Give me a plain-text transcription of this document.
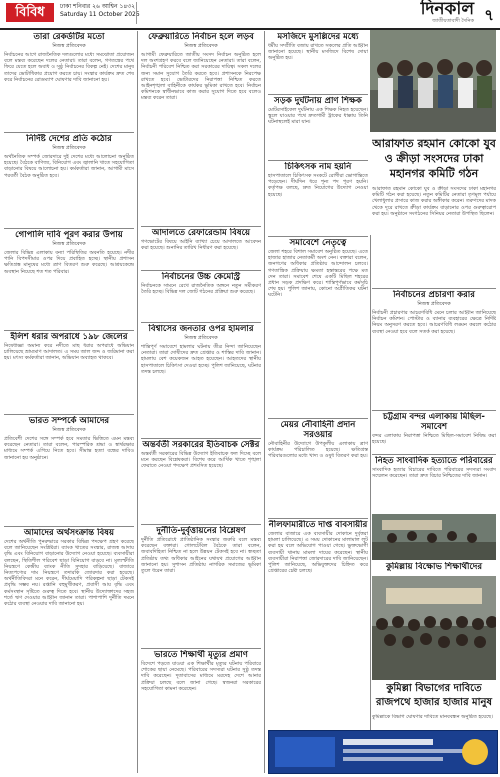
বিবিধ	ঢাকা শনিবার ২৬ আশ্বিন ১৪৩২
Saturday 11 October 2025	দিনকাল
জাতীয়তাবাদী দৈনিক ৭
তারা রেকর্ডটির মতো
নিজস্ব প্রতিবেদক
নির্বাচনের আগে রাজনৈতিক দলগুলোর মধ্যে সমঝোতা প্রয়োজন বলে মন্তব্য করেছেন দলের নেতারা। তারা বলেন, গণতন্ত্রের পথে ফিরে যেতে হলে অবাধ ও সুষ্ঠু নির্বাচনের বিকল্প নেই। দেশের মানুষ তাদের ভোটাধিকার প্রয়োগ করতে চায়। সংস্কার কার্যক্রম দ্রুত শেষ করে নির্বাচনের রোডম্যাপ ঘোষণার দাবি জানানো হয়।
নির্দিষ্ট দেশের প্রতি কঠোর
নিজস্ব প্রতিবেদক
অর্থনৈতিক সম্পর্ক জোরদারে দুই দেশের মধ্যে আলোচনা অনুষ্ঠিত হয়েছে। বৈঠকে বাণিজ্য, বিনিয়োগ এবং জ্বালানি খাতে সহযোগিতা বাড়ানোর বিষয়ে আলোচনা হয়। কর্মকর্তারা জানান, আগামী মাসে পরবর্তী বৈঠক অনুষ্ঠিত হবে।
গোপালি দাবি পূরণ করার উপায়
নিজস্ব প্রতিবেদক
জেলার বিভিন্ন এলাকায় বন্যা পরিস্থিতির অবনতি হয়েছে। নদীর পানি বিপদসীমার ওপর দিয়ে প্রবাহিত হচ্ছে। স্থানীয় প্রশাসন ক্ষতিগ্রস্ত মানুষের মধ্যে ত্রাণ বিতরণ শুরু করেছে। আশ্রয়কেন্দ্রে অবস্থান নিয়েছে শত শত পরিবার।
ইলিশ ধরার অপরাধে ১৯৮ জেলের
নিষেধাজ্ঞা অমান্য করে নদীতে মাছ ধরার অপরাধে অভিযান চালিয়েছে ভ্রাম্যমাণ আদালত। এ সময় জাল জব্দ ও জরিমানা করা হয়। মৎস্য কর্মকর্তারা জানান, অভিযান অব্যাহত থাকবে।
ভারত সম্পর্কে আমাদের
নিজস্ব প্রতিবেদক
প্রতিবেশী দেশের সঙ্গে সম্পর্ক হবে সমতার ভিত্তিতে এমন মন্তব্য করেছেন নেতারা। তারা বলেন, পারস্পরিক শ্রদ্ধা ও স্বার্থরক্ষার মাধ্যমে সম্পর্ক এগিয়ে নিতে হবে। সীমান্ত হত্যা বন্ধের দাবিও জানানো হয় অনুষ্ঠানে।
আমাদের অর্থসংক্রান্ত বিষয়
দেশের অর্থনীতি পুনরুদ্ধারে সরকার বিভিন্ন পদক্ষেপ গ্রহণ করেছে বলে জানিয়েছেন সংশ্লিষ্টরা। ব্যাংক খাতের সংস্কার, রাজস্ব আদায় বৃদ্ধি এবং বিনিয়োগ বাড়ানোর উদ্যোগ নেওয়া হয়েছে। ব্যবসায়ীরা বলছেন, স্থিতিশীল পরিবেশ ছাড়া বিনিয়োগ বাড়বে না। মূল্যস্ফীতি নিয়ন্ত্রণে কেন্দ্রীয় ব্যাংক নীতি সুদহার বাড়িয়েছে। বাজারে নিত্যপণ্যের দাম নিয়ন্ত্রণে তদারকি জোরদার করা হয়েছে। অর্থনীতিবিদরা মনে করেন, দীর্ঘমেয়াদি পরিকল্পনা ছাড়া টেকসই প্রবৃদ্ধি সম্ভব নয়। রপ্তানি বহুমুখীকরণ, প্রবাসী আয় বৃদ্ধি এবং কর্মসংস্থান সৃষ্টিতে গুরুত্ব দিতে হবে। স্থানীয় উদ্যোক্তাদের সহজ শর্তে ঋণ দেওয়ার আহ্বান জানান তারা। পাশাপাশি দুর্নীতি দমনে কঠোর ব্যবস্থা নেওয়ার দাবি জানানো হয়।
ফেব্রুয়ারিতে নির্বাচন হলে লড়ব
নিজস্ব প্রতিবেদক
আগামী ফেব্রুয়ারিতে জাতীয় সংসদ নির্বাচন অনুষ্ঠিত হলে দল অংশগ্রহণ করবে বলে জানিয়েছেন নেতারা। তারা বলেন, নির্বাচনী পরিবেশ নিশ্চিত করা সরকারের দায়িত্ব। সকল দলের জন্য সমান সুযোগ তৈরি করতে হবে। প্রশাসনকে নিরপেক্ষ রাখতে হবে। ভোটারদের নিরাপত্তা নিশ্চিত করতে আইনশৃঙ্খলা বাহিনীকে কার্যকর ভূমিকা রাখতে হবে। নির্বাচন কমিশনকে স্বাধীনভাবে কাজ করার সুযোগ দিতে হবে বলেও মন্তব্য করেন তারা।
আদালতে রেফারেন্ডাম বিষয়ে
গণভোটের বিষয়ে আইনি ব্যাখ্যা চেয়ে আদালতে আবেদন করা হয়েছে। শুনানির তারিখ নির্ধারণ করা হয়েছে।
নির্বাচনের উচ্চ কেমেস্ট্রি
নির্বাচনকে সামনে রেখে রাজনৈতিক অঙ্গনে নতুন সমীকরণ তৈরি হচ্ছে। বিভিন্ন দল জোট গঠনের প্রক্রিয়া শুরু করেছে।
বিশ্বাসের জনতার ওপর হামলার
নিজস্ব প্রতিবেদক
শান্তিপূর্ণ সমাবেশে হামলার ঘটনায় তীব্র নিন্দা জানিয়েছেন নেতারা। তারা দোষীদের দ্রুত গ্রেপ্তার ও শাস্তির দাবি জানান। হামলায় বেশ কয়েকজন আহত হয়েছেন। আহতদের স্থানীয় হাসপাতালে চিকিৎসা দেওয়া হচ্ছে। পুলিশ জানিয়েছে, ঘটনার তদন্ত চলছে।
অন্তর্বর্তী সরকারের ইতিবাচক সেক্টর
অন্তর্বর্তী সরকারের বিভিন্ন উদ্যোগ ইতিবাচক ফল দিচ্ছে বলে মনে করছেন বিশ্লেষকরা। বিশেষ করে আর্থিক খাতে শৃঙ্খলা ফেরাতে নেওয়া পদক্ষেপ প্রশংসিত হয়েছে।
দুর্নীতি-দুর্বৃত্তায়নের বিশ্লেষণ
দুর্নীতি প্রতিরোধে প্রাতিষ্ঠানিক সংস্কার জরুরি বলে মন্তব্য করেছেন বক্তারা। গোলটেবিল বৈঠকে তারা বলেন, জবাবদিহিতা নিশ্চিত না হলে উন্নয়ন টেকসই হবে না। স্বচ্ছতা প্রতিষ্ঠায় তথ্য অধিকার আইনের যথাযথ প্রয়োগের আহ্বান জানানো হয়। সুশাসন প্রতিষ্ঠায় নাগরিক সমাজের ভূমিকা তুলে ধরেন তারা।
ভারতে শিক্ষার্থী মৃত্যুর প্রমাণ
বিদেশে পড়তে যাওয়া এক শিক্ষার্থীর মৃত্যুর ঘটনায় পরিবারে শোকের ছায়া নেমেছে। পরিবারের সদস্যরা ঘটনার সুষ্ঠু তদন্ত দাবি করেছেন। দূতাবাসের মাধ্যমে মরদেহ দেশে আনার প্রক্রিয়া চলছে বলে জানা গেছে। স্বজনরা সরকারের সহযোগিতা কামনা করেছেন।
মসজিদে মুসল্লিদের মধ্যে
ধর্মীয় সম্প্রীতি বজায় রাখতে সকলের প্রতি আহ্বান জানানো হয়েছে। স্থানীয় মসজিদে বিশেষ দোয়া অনুষ্ঠিত হয়।
সড়ক দুর্ঘটনায় প্রাণ শিক্ষক
মোটরসাইকেল দুর্ঘটনায় এক শিক্ষক নিহত হয়েছেন। স্কুলে যাওয়ার পথে দ্রুতগামী ট্রাকের ধাক্কায় তিনি ঘটনাস্থলেই মারা যান।
চিকিৎসক নাম হয়নি
হাসপাতালে চিকিৎসক সংকটে রোগীরা ভোগান্তিতে পড়েছেন। দীর্ঘদিন ধরে শূন্য পদ পূরণ হয়নি। কর্তৃপক্ষ বলছে, দ্রুত নিয়োগের উদ্যোগ নেওয়া হয়েছে।
সমাবেশে নেতৃত্বে
জেলা শহরে বিশাল সমাবেশ অনুষ্ঠিত হয়েছে। এতে হাজার হাজার নেতাকর্মী অংশ নেন। বক্তারা বলেন, জনগণের অধিকার প্রতিষ্ঠায় আন্দোলন চলবে। গণতান্ত্রিক প্রক্রিয়ায় ক্ষমতা হস্তান্তরের পক্ষে মত দেন তারা। সমাবেশ শেষে একটি মিছিল শহরের প্রধান সড়ক প্রদক্ষিণ করে। শান্তিপূর্ণভাবে কর্মসূচি শেষ হয়। পুলিশ জানায়, কোনো অপ্রীতিকর ঘটনা ঘটেনি।
মেয়র নৌবাহিনী প্রদান সরওয়ার
নৌবাহিনীর উদ্যোগে উপকূলীয় এলাকায় ত্রাণ কার্যক্রম পরিচালিত হয়েছে। ক্ষতিগ্রস্ত পরিবারগুলোর মধ্যে খাদ্য ও ওষুধ বিতরণ করা হয়।
নীলফামারীতে দাপ্ত বাবসায়ীর
জেলার বাজারে এক ব্যবসায়ীর দোকানে দুর্বৃত্তরা হামলা চালিয়েছে। এ সময় দোকানের মালামাল লুট করা হয় বলে অভিযোগ পাওয়া গেছে। ভুক্তভোগী ব্যবসায়ী থানায় মামলা দায়ের করেছেন। স্থানীয় ব্যবসায়ীরা নিরাপত্তা জোরদারের দাবি জানিয়েছেন। পুলিশ জানিয়েছে, অভিযুক্তদের চিহ্নিত করে গ্রেপ্তারের চেষ্টা চলছে।
আরাফাত রহমান কোকো যুব ও ক্রীড়া সংসদের ঢাকা মহানগর কমিটি গঠন
আরাফাত রহমান কোকো যুব ও ক্রীড়া সংসদের ঢাকা মহানগর কমিটি গঠন করা হয়েছে। নতুন কমিটির নেতারা তৃণমূল পর্যায়ে খেলাধুলার প্রসারে কাজ করার অঙ্গীকার করেন। তরুণদের মাদক থেকে দূরে রাখতে ক্রীড়া কার্যক্রম বাড়ানোর ওপর গুরুত্বারোপ করা হয়। অনুষ্ঠানে সংগঠনের সিনিয়র নেতারা উপস্থিত ছিলেন।
নির্বাচনের প্রচারণা করার
নিজস্ব প্রতিবেদক
নির্বাচনী প্রচারণার আচরণবিধি মেনে চলার আহ্বান জানিয়েছে নির্বাচন কমিশন। পোস্টার ও ব্যানার ব্যবহারের ক্ষেত্রে নির্দিষ্ট নিয়ম অনুসরণ করতে হবে। আচরণবিধি লঙ্ঘন করলে কঠোর ব্যবস্থা নেওয়া হবে বলে সতর্ক করা হয়েছে।
চট্টগ্রাম বন্দর এলাকায় মিছিল-সমাবেশ
বন্দর এলাকায় নিরাপত্তা নিশ্চিতে মিছিল-সমাবেশ নিষিদ্ধ করা হয়েছে।
নিহত সাংবাদিক হত্যাতে পরিবারের
সাংবাদিক হত্যার বিচারের দাবিতে পরিবারের সদস্যরা সংবাদ সম্মেলন করেছেন। তারা দ্রুত বিচার নিশ্চিতের দাবি জানান।
কুমিল্লায় বিক্ষোভ শিক্ষার্থীদের
কুমিল্লা বিভাগের দাবিতে রাজপথে হাজার হাজার মানুষ
কুমিল্লাকে বিভাগ ঘোষণার দাবিতে মানববন্ধন অনুষ্ঠিত হয়েছে।
